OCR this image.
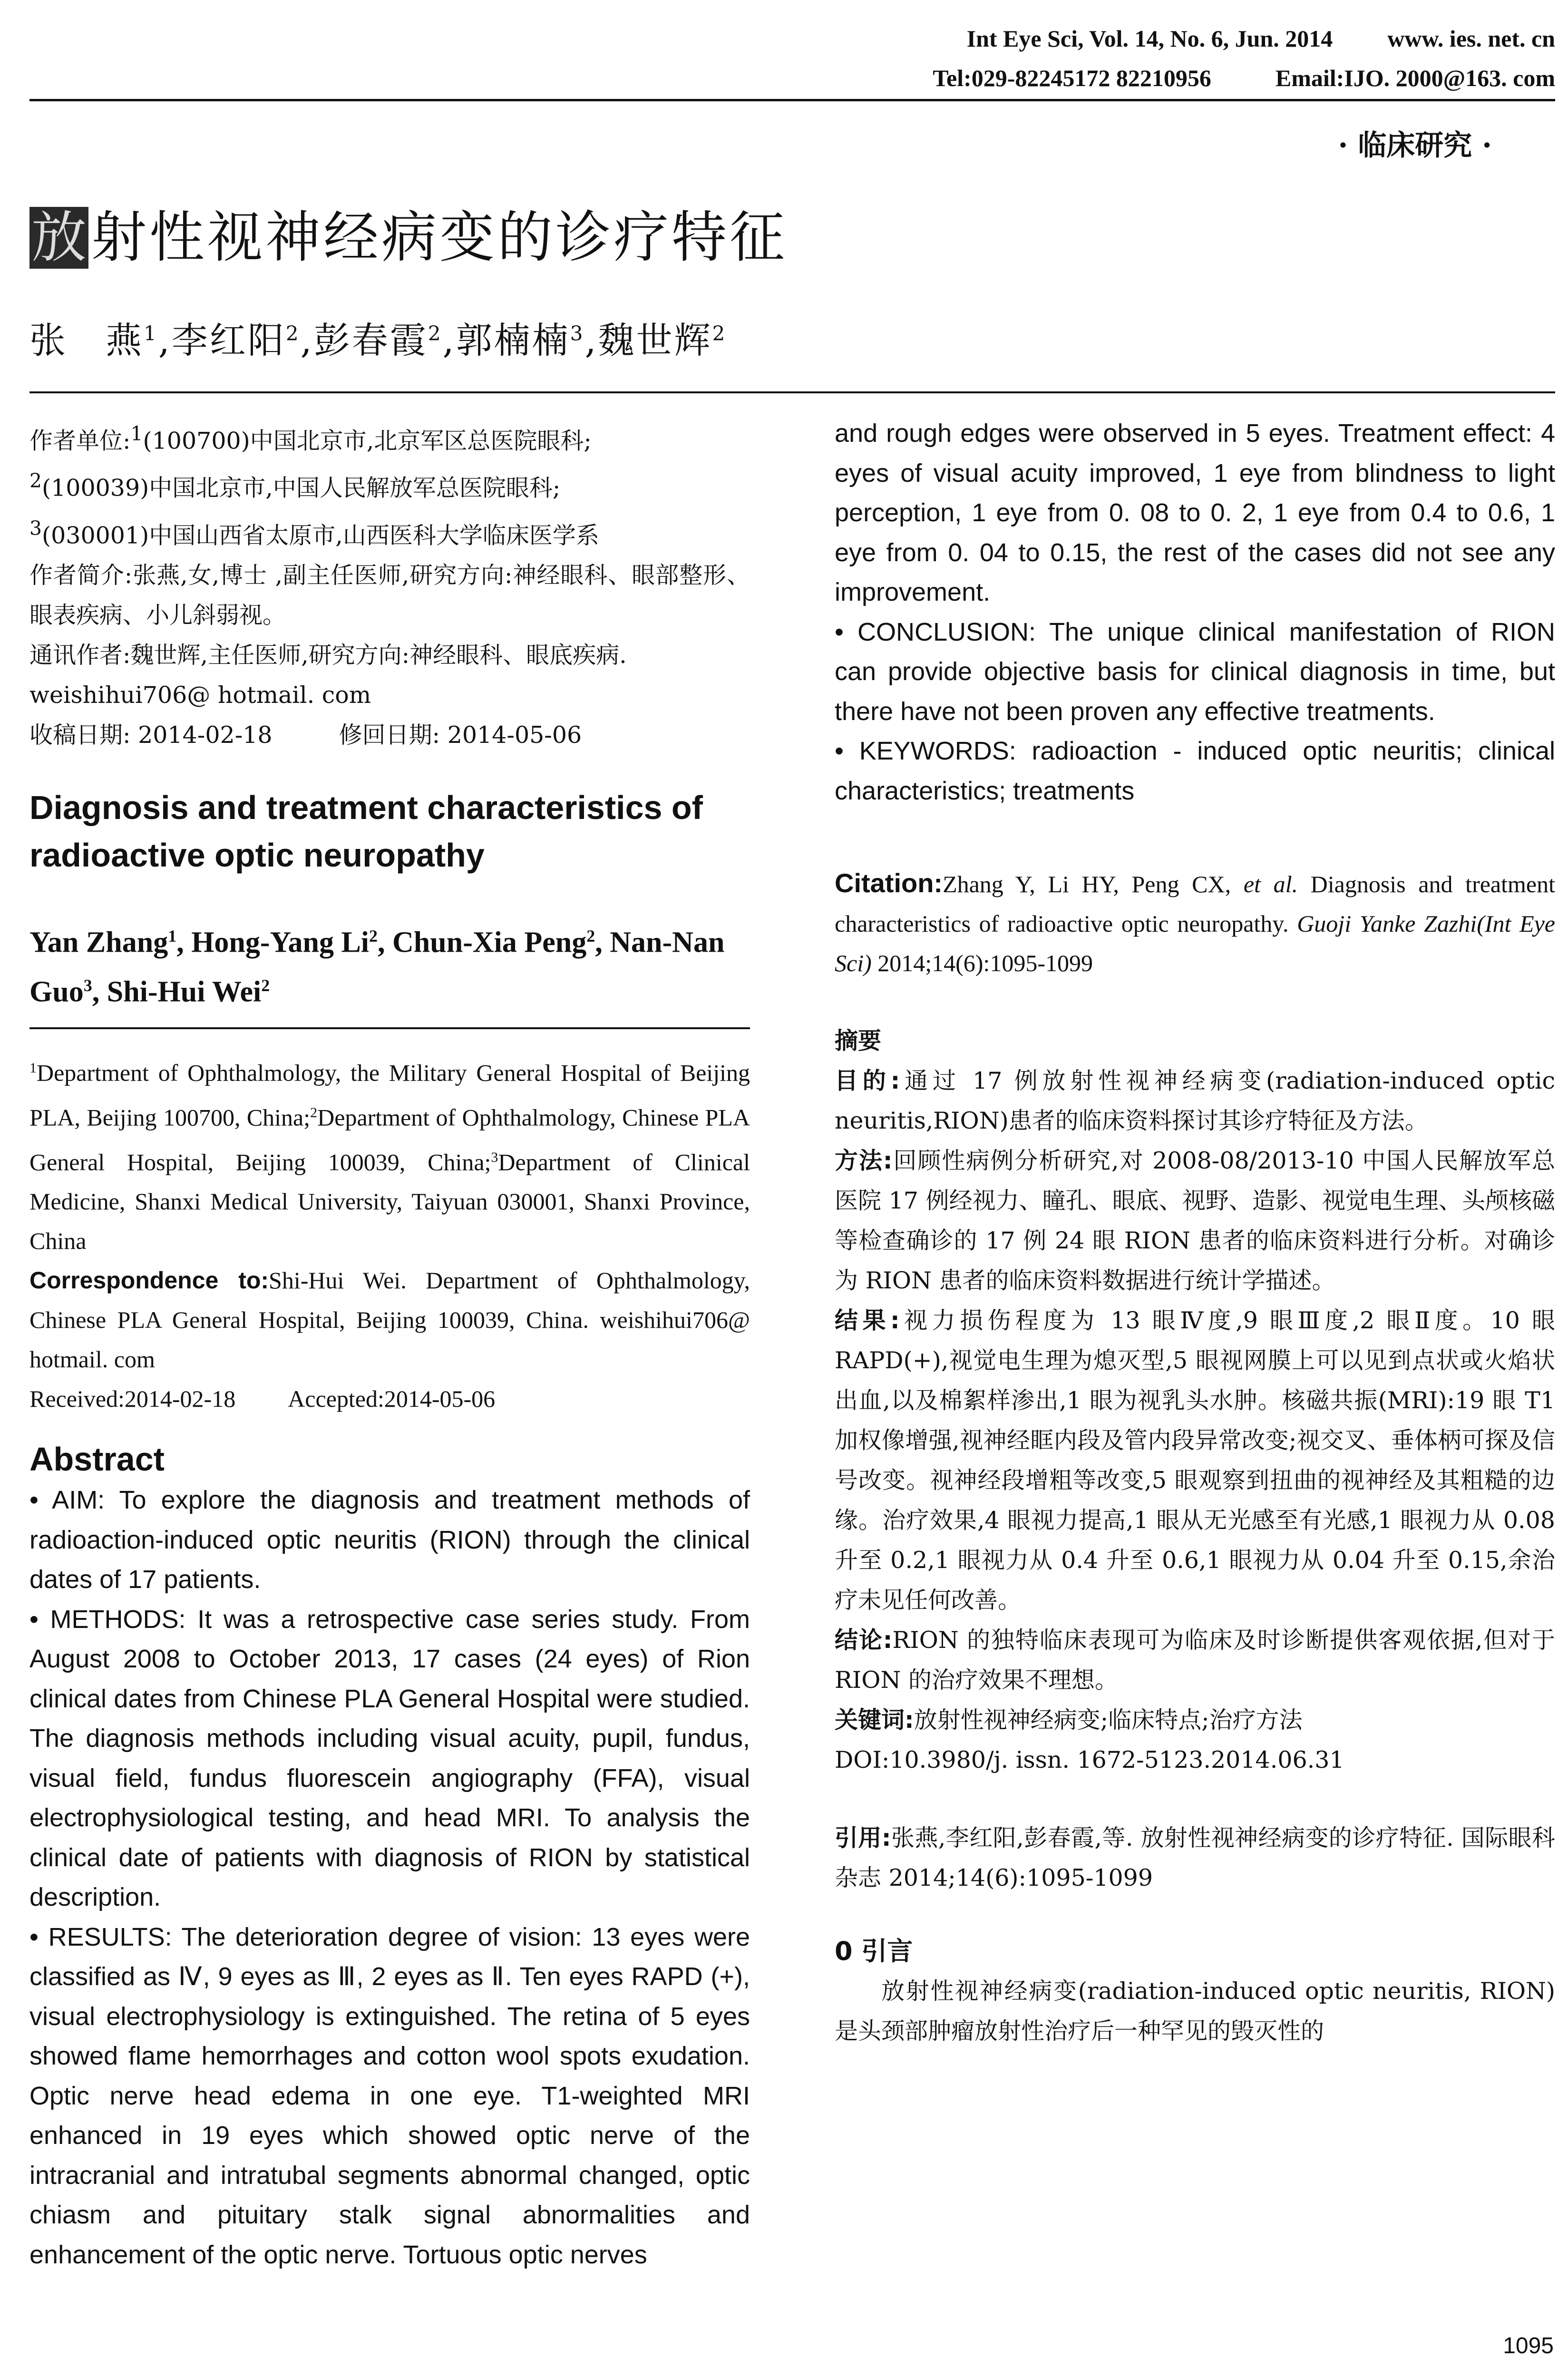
Int Eye Sci, Vol. 14, No. 6, Jun. 2014 www. ies. net. cn
Tel:029-82245172 82210956	Email:IJO. 2000@163. com
· 临床研究 ·
放 射性视神经病变的诊疗特征
张　燕$^1$,李红阳$^2$,彭春霞$^2$,郭楠楠$^3$,魏世辉$^2$

作者单位:$^1$(100700)中国北京市,北京军区总医院眼科;

$^2$(100039)中国北京市,中国人民解放军总医院眼科;

$^3$(030001)中国山西省太原市,山西医科大学临床医学系

作者简介:张燕,女,博士 ,副主任医师,研究方向:神经眼科、眼部整形、眼表疾病、小儿斜弱视。

通讯作者:魏世辉,主任医师,研究方向:神经眼科、眼底疾病.

weishihui706@ hotmail. com

收稿日期: 2014-02-18	修回日期: 2014-05-06

Diagnosis and treatment characteristics of radioactive optic neuropathy

Yan Zhang$^1$, Hong-Yang Li$^2$, Chun-Xia Peng$^2$, Nan-Nan Guo$^3$, Shi-Hui Wei$^2$

$^1$Department of Ophthalmology, the Military General Hospital of Beijing PLA, Beijing 100700, China;$^2$Department of Ophthalmology, Chinese PLA General Hospital, Beijing 100039, China;$^3$Department of Clinical Medicine, Shanxi Medical University, Taiyuan 030001, Shanxi Province, China

Correspondence to:Shi-Hui Wei. Department of Ophthalmology, Chinese PLA General Hospital, Beijing 100039, China. weishihui706@ hotmail. com

Received:2014-02-18 Accepted:2014-05-06

Abstract

• AIM: To explore the diagnosis and treatment methods of radioaction-induced optic neuritis (RION) through the clinical dates of 17 patients.

• METHODS: It was a retrospective case series study. From August 2008 to October 2013, 17 cases (24 eyes) of Rion clinical dates from Chinese PLA General Hospital were studied. The diagnosis methods including visual acuity, pupil, fundus, visual field, fundus fluorescein angiography (FFA), visual electrophysiological testing, and head MRI. To analysis the clinical date of patients with diagnosis of RION by statistical description.

• RESULTS: The deterioration degree of vision: 13 eyes were classified as Ⅳ, 9 eyes as Ⅲ, 2 eyes as Ⅱ. Ten eyes RAPD (+), visual electrophysiology is extinguished. The retina of 5 eyes showed flame hemorrhages and cotton wool spots exudation. Optic nerve head edema in one eye. T1-weighted MRI enhanced in 19 eyes which showed optic nerve of the intracranial and intratubal segments abnormal changed, optic chiasm and pituitary stalk signal abnormalities and enhancement of the optic nerve. Tortuous optic nerves

and rough edges were observed in 5 eyes. Treatment effect: 4 eyes of visual acuity improved, 1 eye from blindness to light perception, 1 eye from 0. 08 to 0. 2, 1 eye from 0.4 to 0.6, 1 eye from 0. 04 to 0.15, the rest of the cases did not see any improvement.

• CONCLUSION: The unique clinical manifestation of RION can provide objective basis for clinical diagnosis in time, but there have not been proven any effective treatments.

• KEYWORDS: radioaction - induced optic neuritis; clinical characteristics; treatments

Citation:Zhang Y, Li HY, Peng CX, et al. Diagnosis and treatment characteristics of radioactive optic neuropathy. Guoji Yanke Zazhi(Int Eye Sci) 2014;14(6):1095-1099

摘要

目的:通过 17 例放射性视神经病变(radiation-induced optic neuritis,RION)患者的临床资料探讨其诊疗特征及方法。

方法:回顾性病例分析研究,对 2008-08/2013-10 中国人民解放军总医院 17 例经视力、瞳孔、眼底、视野、造影、视觉电生理、头颅核磁等检查确诊的 17 例 24 眼 RION 患者的临床资料进行分析。对确诊为 RION 患者的临床资料数据进行统计学描述。

结果:视力损伤程度为 13 眼Ⅳ度,9 眼Ⅲ度,2 眼Ⅱ度。10 眼 RAPD(+),视觉电生理为熄灭型,5 眼视网膜上可以见到点状或火焰状出血,以及棉絮样渗出,1 眼为视乳头水肿。核磁共振(MRI):19 眼 T1 加权像增强,视神经眶内段及管内段异常改变;视交叉、垂体柄可探及信号改变。视神经段增粗等改变,5 眼观察到扭曲的视神经及其粗糙的边缘。治疗效果,4 眼视力提高,1 眼从无光感至有光感,1 眼视力从 0.08 升至 0.2,1 眼视力从 0.4 升至 0.6,1 眼视力从 0.04 升至 0.15,余治疗未见任何改善。

结论:RION 的独特临床表现可为临床及时诊断提供客观依据,但对于 RION 的治疗效果不理想。

关键词:放射性视神经病变;临床特点;治疗方法

DOI:10.3980/j. issn. 1672-5123.2014.06.31

引用:张燕,李红阳,彭春霞,等. 放射性视神经病变的诊疗特征. 国际眼科杂志 2014;14(6):1095-1099

0 引言

放射性视神经病变(radiation-induced optic neuritis, RION)是头颈部肿瘤放射性治疗后一种罕见的毁灭性的

1095
